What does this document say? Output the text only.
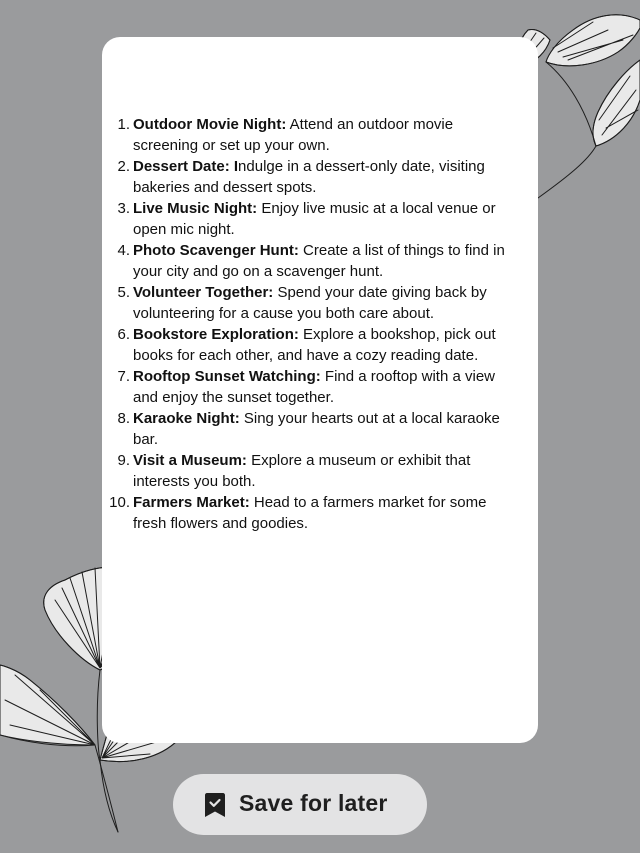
1. Outdoor Movie Night: Attend an outdoor movie screening or set up your own.
2. Dessert Date: Indulge in a dessert-only date, visiting bakeries and dessert spots.
3. Live Music Night: Enjoy live music at a local venue or open mic night.
4. Photo Scavenger Hunt: Create a list of things to find in your city and go on a scavenger hunt.
5. Volunteer Together: Spend your date giving back by volunteering for a cause you both care about.
6. Bookstore Exploration: Explore a bookshop, pick out books for each other, and have a cozy reading date.
7. Rooftop Sunset Watching: Find a rooftop with a view and enjoy the sunset together.
8. Karaoke Night: Sing your hearts out at a local karaoke bar.
9. Visit a Museum: Explore a museum or exhibit that interests you both.
10. Farmers Market: Head to a farmers market for some fresh flowers and goodies.
Save for later
